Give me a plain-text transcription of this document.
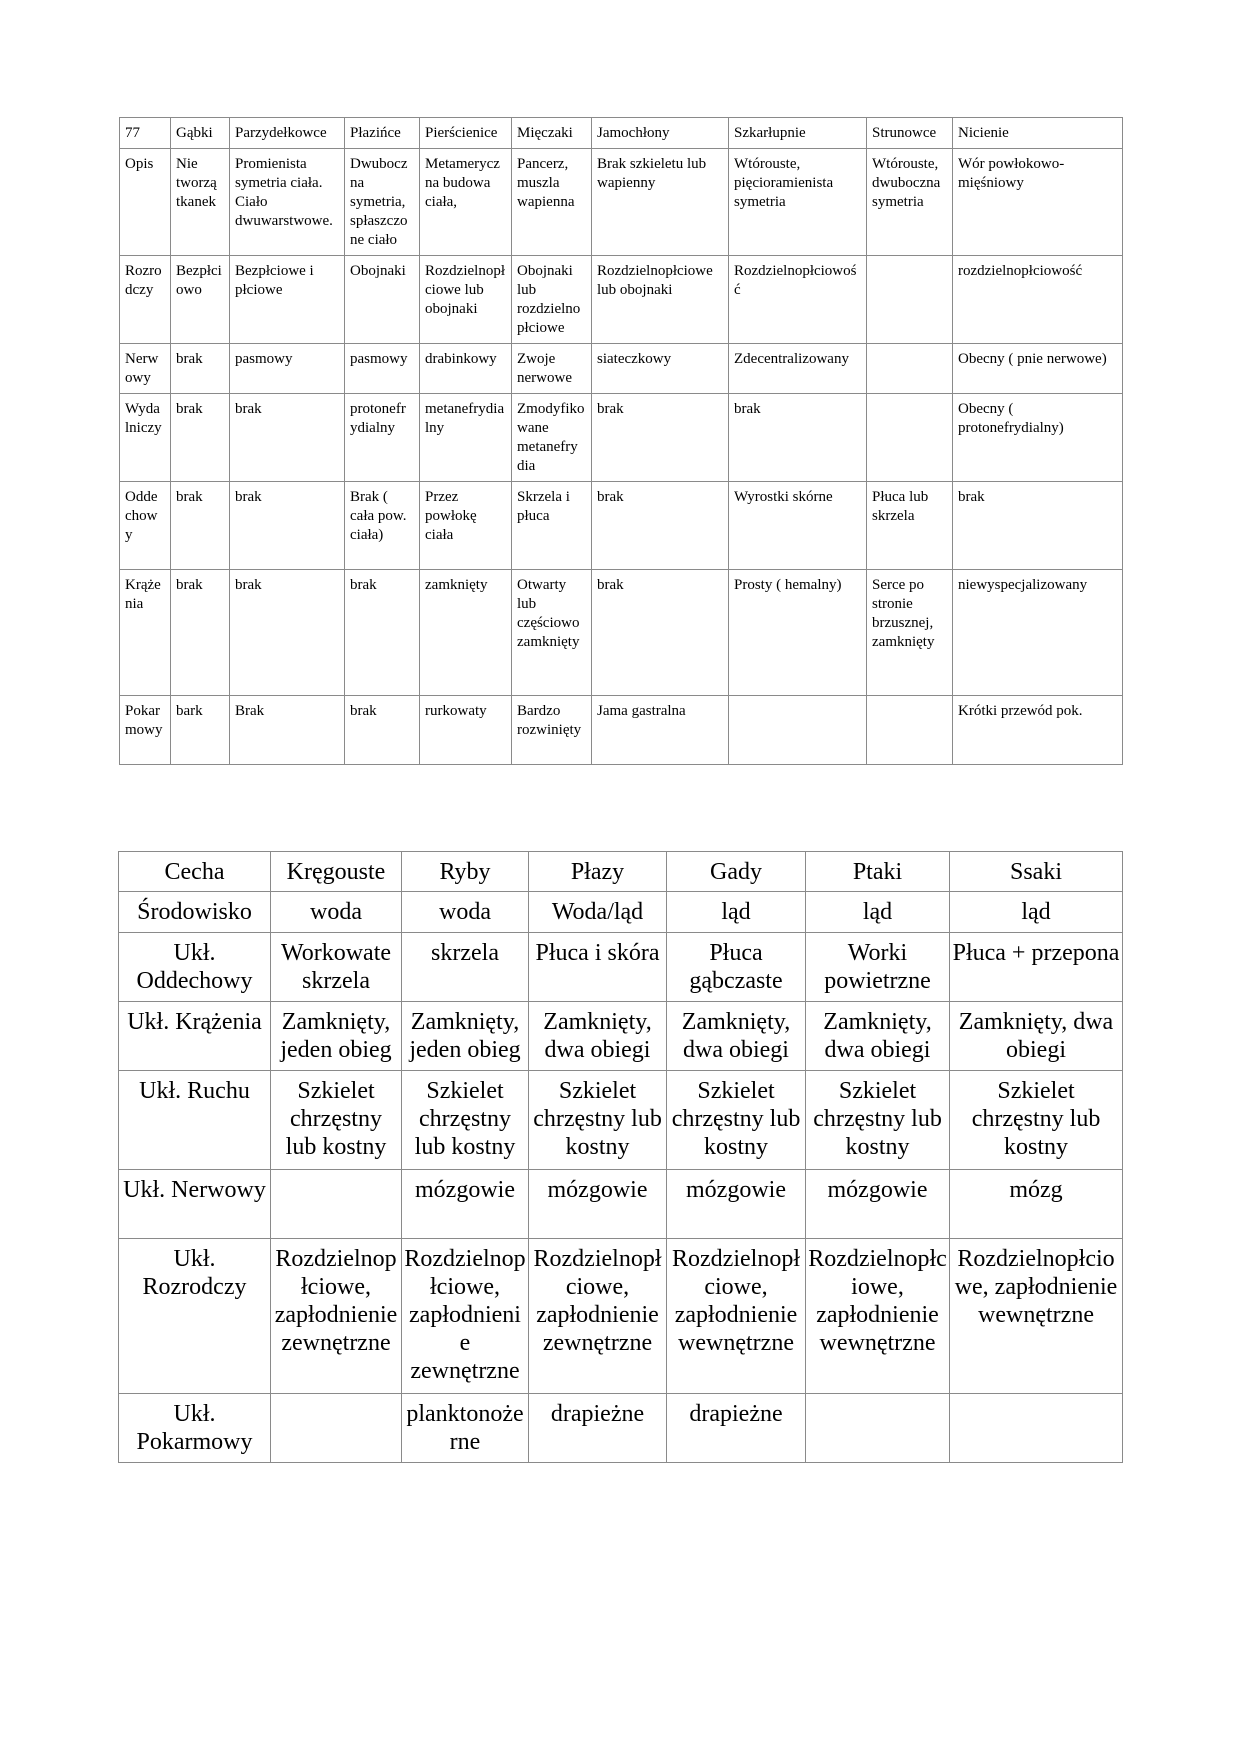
77	Gąbki	Parzydełkowce	Płazińce	Pierścienice	Mięczaki	Jamochłony	Szkarłupnie	Strunowce	Nicienie
Opis	Nie tworzą tkanek	Promienista symetria ciała. Ciało dwuwarstwowe.	Dwuboczna symetria, spłaszczone ciało	Metameryczna budowa ciała,	Pancerz, muszla wapienna	Brak szkieletu lub wapienny	Wtórouste, pięcioramienista symetria	Wtórouste, dwuboczna symetria	Wór powłokowo-mięśniowy
Rozrodczy	Bezpłciowo	Bezpłciowe i płciowe	Obojnaki	Rozdzielnopłciowe lub obojnaki	Obojnaki lub rozdzielnopłciowe	Rozdzielnopłciowe lub obojnaki	Rozdzielnopłciowość		rozdzielnopłciowość
Nerwowy	brak	pasmowy	pasmowy	drabinkowy	Zwoje nerwowe	siateczkowy	Zdecentralizowany		Obecny ( pnie nerwowe)
Wydalniczy	brak	brak	protonefrydialny	metanefrydialny	Zmodyfikowane metanefrydia	brak	brak		Obecny ( protonefrydialny)
Oddechowy	brak	brak	Brak ( cała pow. ciała)	Przez powłokę ciała	Skrzela i płuca	brak	Wyrostki skórne	Płuca lub skrzela	brak
Krążenia	brak	brak	brak	zamknięty	Otwarty lub częściowo zamknięty	brak	Prosty ( hemalny)	Serce po stronie brzusznej, zamknięty	niewyspecjalizowany
Pokarmowy	bark	Brak	brak	rurkowaty	Bardzo rozwinięty	Jama gastralna			Krótki przewód pok.
Cecha	Kręgouste	Ryby	Płazy	Gady	Ptaki	Ssaki
Środowisko	woda	woda	Woda/ląd	ląd	ląd	ląd
Ukł. Oddechowy	Workowate skrzela	skrzela	Płuca i skóra	Płuca gąbczaste	Worki powietrzne	Płuca + przepona
Ukł. Krążenia	Zamknięty, jeden obieg	Zamknięty, jeden obieg	Zamknięty, dwa obiegi	Zamknięty, dwa obiegi	Zamknięty, dwa obiegi	Zamknięty, dwa obiegi
Ukł. Ruchu	Szkielet chrzęstny lub kostny	Szkielet chrzęstny lub kostny	Szkielet chrzęstny lub kostny	Szkielet chrzęstny lub kostny	Szkielet chrzęstny lub kostny	Szkielet chrzęstny lub kostny
Ukł. Nerwowy		mózgowie	mózgowie	mózgowie	mózgowie	mózg
Ukł. Rozrodczy	Rozdzielnopłciowe, zapłodnienie zewnętrzne	Rozdzielnopłciowe, zapłodnienie zewnętrzne	Rozdzielnopłciowe, zapłodnienie zewnętrzne	Rozdzielnopłciowe, zapłodnienie wewnętrzne	Rozdzielnopłciowe, zapłodnienie wewnętrzne	Rozdzielnopłciowe, zapłodnienie wewnętrzne
Ukł. Pokarmowy		planktonożerne	drapieżne	drapieżne		
